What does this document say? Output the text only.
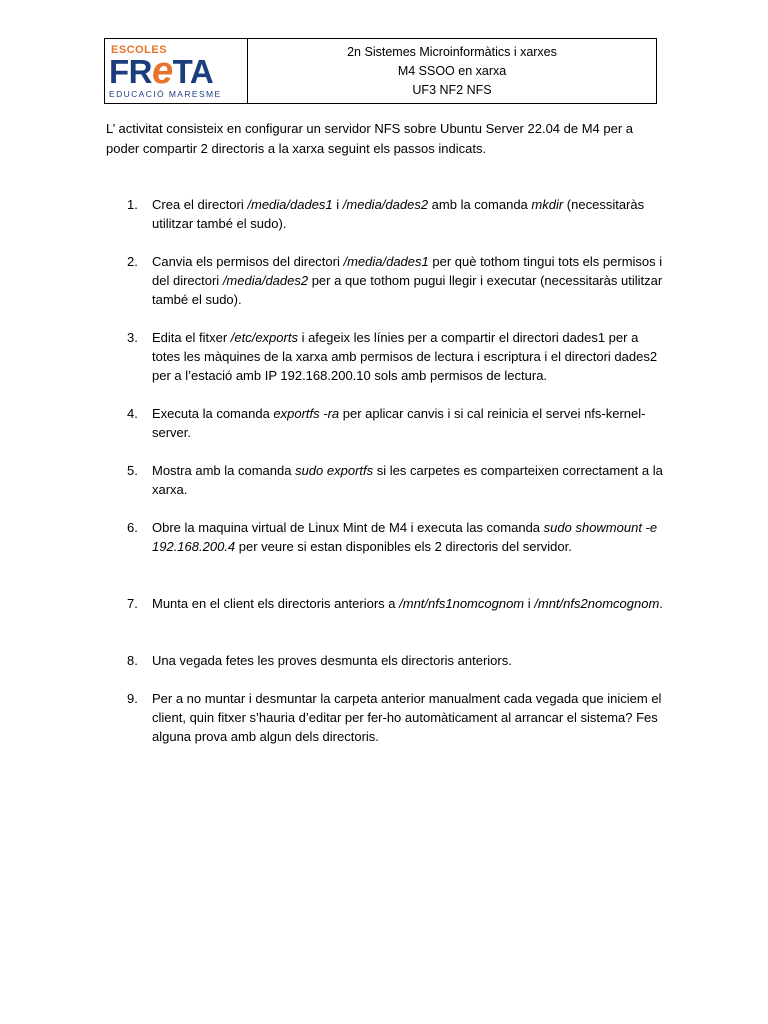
ESCOLES
FReTA
EDUCACIÓ MARESME
2n Sistemes Microinformàtics i xarxes
M4 SSOO en xarxa
UF3 NF2 NFS

L’ activitat consisteix en configurar un servidor NFS sobre Ubuntu Server 22.04 de M4 per a poder compartir 2 directoris a la xarxa seguint els passos indicats.

1.	Crea el directori /media/dades1 i /media/dades2 amb la comanda mkdir (necessitaràs utilitzar també el sudo).
2.	Canvia els permisos del directori /media/dades1 per què tothom tingui tots els permisos i del directori /media/dades2 per a que tothom pugui llegir i executar (necessitaràs utilitzar també el sudo).
3.	Edita el fitxer /etc/exports i afegeix les línies per a compartir el directori dades1 per a totes les màquines de la xarxa amb permisos de lectura i escriptura i el directori dades2 per a l’estació amb IP 192.168.200.10 sols amb permisos de lectura.
4.	Executa la comanda exportfs -ra per aplicar canvis i si cal reinicia el servei nfs-kernel-server.
5.	Mostra amb la comanda sudo exportfs si les carpetes es comparteixen correctament a la xarxa.
6.	Obre la maquina virtual de Linux Mint de M4 i executa las comanda sudo showmount -e 192.168.200.4 per veure si estan disponibles els 2 directoris del servidor.
7.	Munta en el client els directoris anteriors a /mnt/nfs1nomcognom i /mnt/nfs2nomcognom.
8.	Una vegada fetes les proves desmunta els directoris anteriors.
9.	Per a no muntar i desmuntar la carpeta anterior manualment cada vegada que iniciem el client, quin fitxer s’hauria d’editar per fer-ho automàticament al arrancar el sistema? Fes alguna prova amb algun dels directoris.
